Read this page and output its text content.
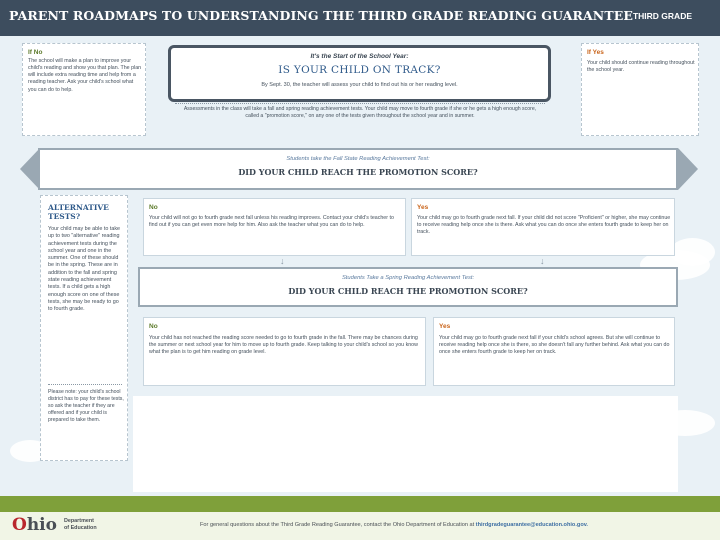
PARENT ROADMAPS TO UNDERSTANDING THE THIRD GRADE READING GUARANTEE THIRD GRADE
If No
The school will make a plan to improve your child's reading and show you that plan. The plan will include extra reading time and help from a reading teacher. Ask your child's school what you can do to help.
If Yes
Your child should continue reading throughout the school year.
It's the Start of the School Year:
IS YOUR CHILD ON TRACK?
By Sept. 30, the teacher will assess your child to find out his or her reading level.
Assessments in the class will take a fall and spring reading achievement tests. Your child may move to fourth grade if she or he gets a high enough score, called a "promotion score," on any one of the tests given throughout the school year and in summer.
Students take the Fall State Reading Achievement Test:
DID YOUR CHILD REACH THE PROMOTION SCORE?
ALTERNATIVE
TESTS?
Your child may be able to take up to two "alternative" reading achievement tests during the school year and one in the summer. One of these should be in the spring. These are in addition to the fall and spring state reading achievement tests. If a child gets a high enough score on one of these tests, she may be ready to go to fourth grade.
Please note: your child's school district has to pay for these tests, so ask the teacher if they are offered and if your child is prepared to take them.
No
Your child will not go to fourth grade next fall unless his reading improves. Contact your child's teacher to find out if you can get even more help for him. Also ask the teacher what you can do to help.
Yes
Your child may go to fourth grade next fall. If your child did not score "Proficient" or higher, she may continue to receive reading help once she is there. Ask what you can do once she enters fourth grade to keep her on track.
↓	↓
Students Take a Spring Reading Achievement Test:
DID YOUR CHILD REACH THE PROMOTION SCORE?
No
Your child has not reached the reading score needed to go to fourth grade in the fall. There may be chances during the summer or next school year for him to move up to fourth grade. Keep talking to your child's school so you know what the plan is to get him reading on grade level.
Yes
Your child may go to fourth grade next fall if your child's school agrees. But she will continue to receive reading help once she is there, so she doesn't fall any further behind. Ask what you can do once she enters fourth grade to keep her on track.
Ohio Department
of Education
For general questions about the Third Grade Reading Guarantee, contact the Ohio Department of Education at thirdgradeguarantee@education.ohio.gov.
